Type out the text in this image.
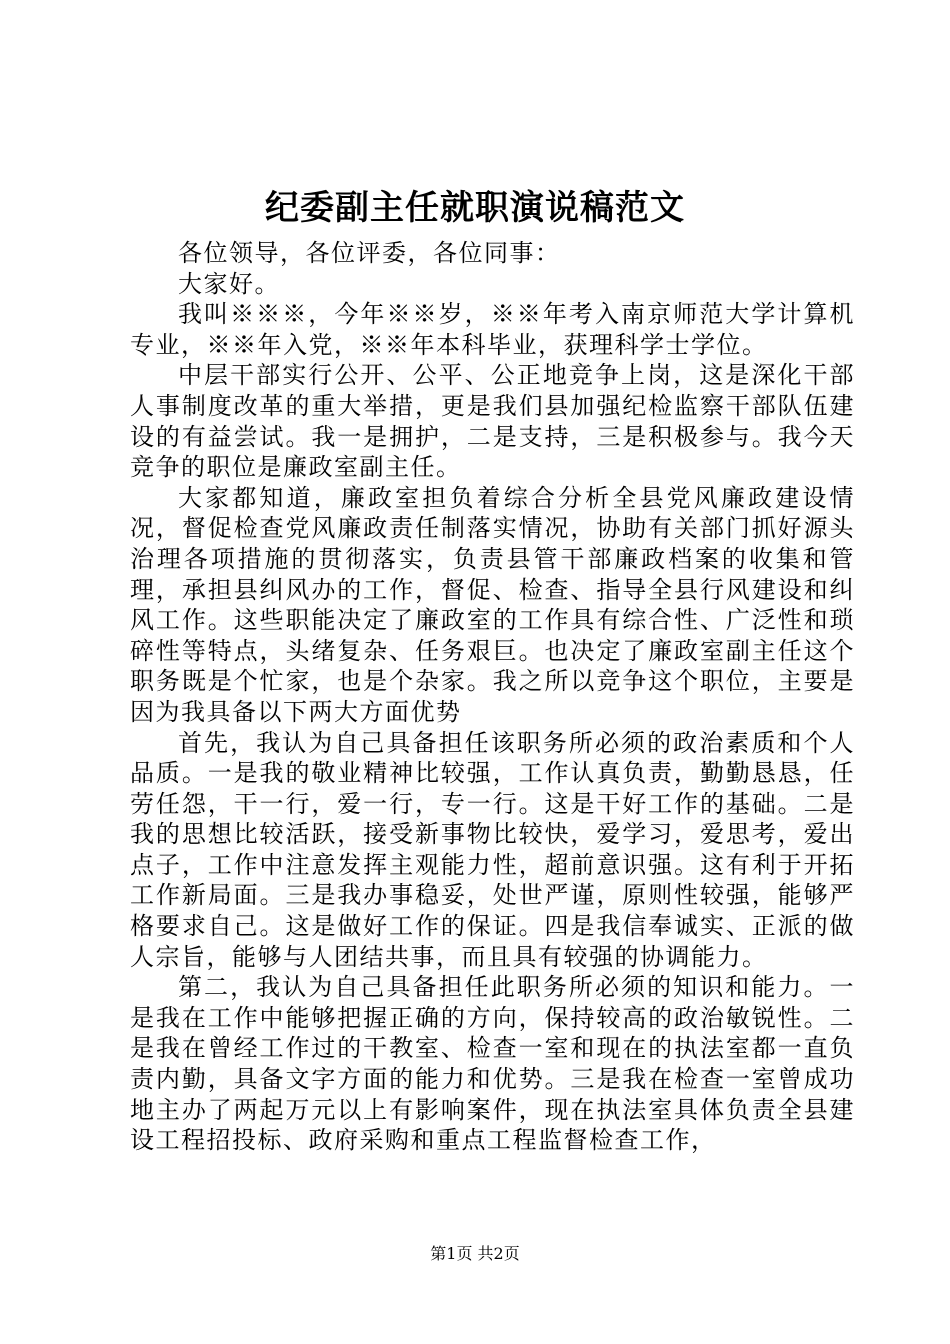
纪委副主任就职演说稿范文

各位领导，各位评委，各位同事：

大家好。

我叫※※※，今年※※岁，※※年考入南京师范大学计算机专业，※※年入党，※※年本科毕业，获理科学士学位。

中层干部实行公开、公平、公正地竞争上岗，这是深化干部人事制度改革的重大举措，更是我们县加强纪检监察干部队伍建设的有益尝试。我一是拥护，二是支持，三是积极参与。我今天竞争的职位是廉政室副主任。

大家都知道，廉政室担负着综合分析全县党风廉政建设情况，督促检查党风廉政责任制落实情况，协助有关部门抓好源头治理各项措施的贯彻落实，负责县管干部廉政档案的收集和管理，承担县纠风办的工作，督促、检查、指导全县行风建设和纠风工作。这些职能决定了廉政室的工作具有综合性、广泛性和琐碎性等特点，头绪复杂、任务艰巨。也决定了廉政室副主任这个职务既是个忙家，也是个杂家。我之所以竞争这个职位，主要是因为我具备以下两大方面优势

首先，我认为自己具备担任该职务所必须的政治素质和个人品质。一是我的敬业精神比较强，工作认真负责，勤勤恳恳，任劳任怨，干一行，爱一行，专一行。这是干好工作的基础。二是我的思想比较活跃，接受新事物比较快，爱学习，爱思考，爱出点子，工作中注意发挥主观能力性，超前意识强。这有利于开拓工作新局面。三是我办事稳妥，处世严谨，原则性较强，能够严格要求自己。这是做好工作的保证。四是我信奉诚实、正派的做人宗旨，能够与人团结共事，而且具有较强的协调能力。

第二，我认为自己具备担任此职务所必须的知识和能力。一是我在工作中能够把握正确的方向，保持较高的政治敏锐性。二是我在曾经工作过的干教室、检查一室和现在的执法室都一直负责内勤，具备文字方面的能力和优势。三是我在检查一室曾成功地主办了两起万元以上有影响案件，现在执法室具体负责全县建设工程招投标、政府采购和重点工程监督检查工作，

第1页 共2页
